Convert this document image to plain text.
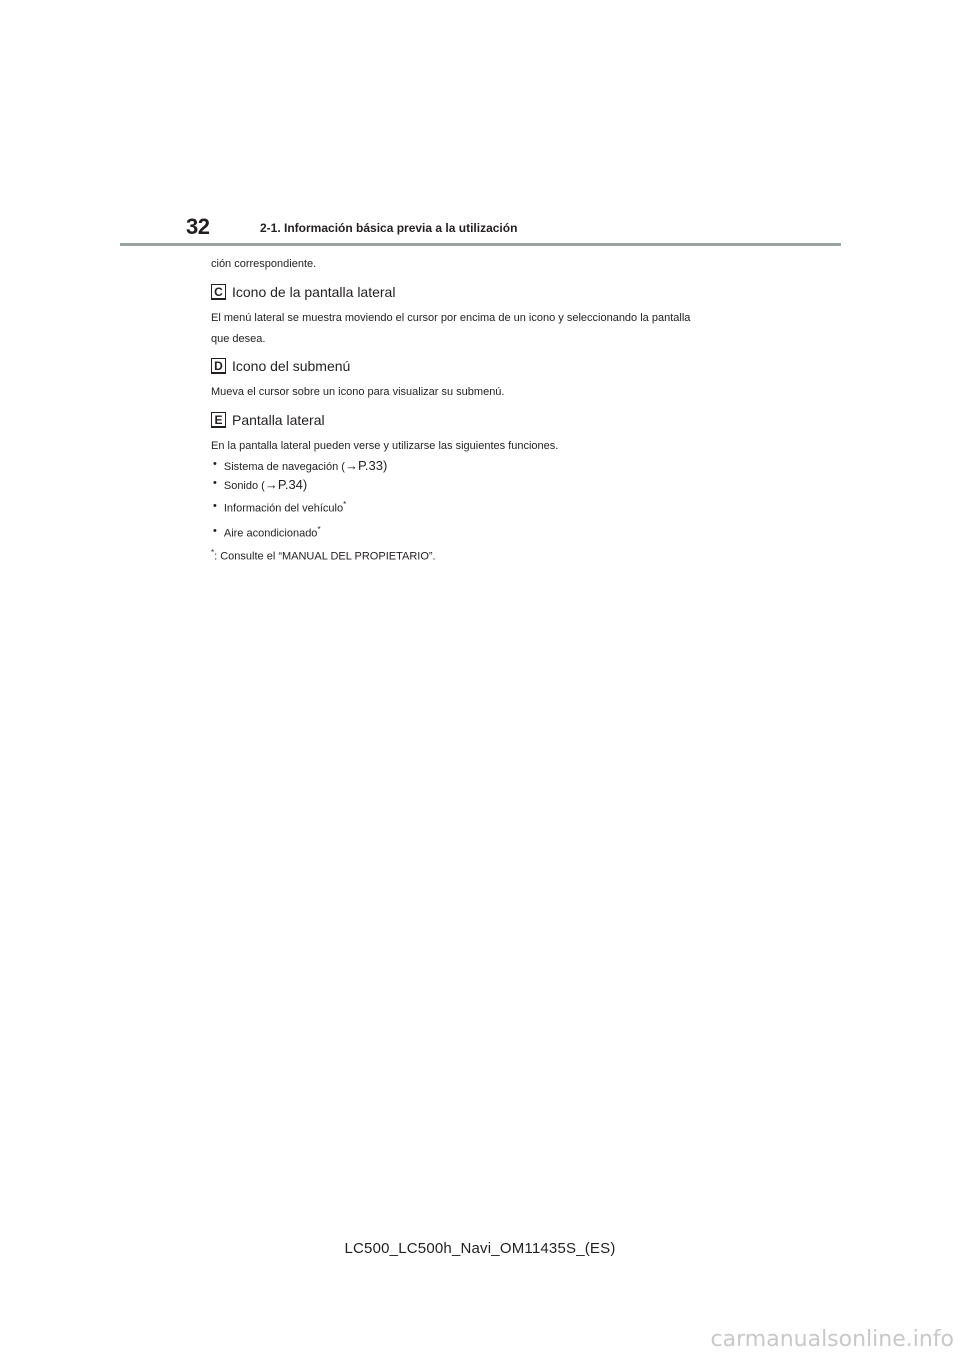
32	2-1. Información básica previa a la utilización
ción correspondiente.
C Icono de la pantalla lateral
El menú lateral se muestra moviendo el cursor por encima de un icono y seleccionando la pantalla
que desea.
D Icono del submenú
Mueva el cursor sobre un icono para visualizar su submenú.
E Pantalla lateral
En la pantalla lateral pueden verse y utilizarse las siguientes funciones.
• Sistema de navegación (→P.33)
• Sonido (→P.34)
• Información del vehículo*
• Aire acondicionado*
*: Consulte el “MANUAL DEL PROPIETARIO”.
LC500_LC500h_Navi_OM11435S_(ES)
carmanualsonline.info
